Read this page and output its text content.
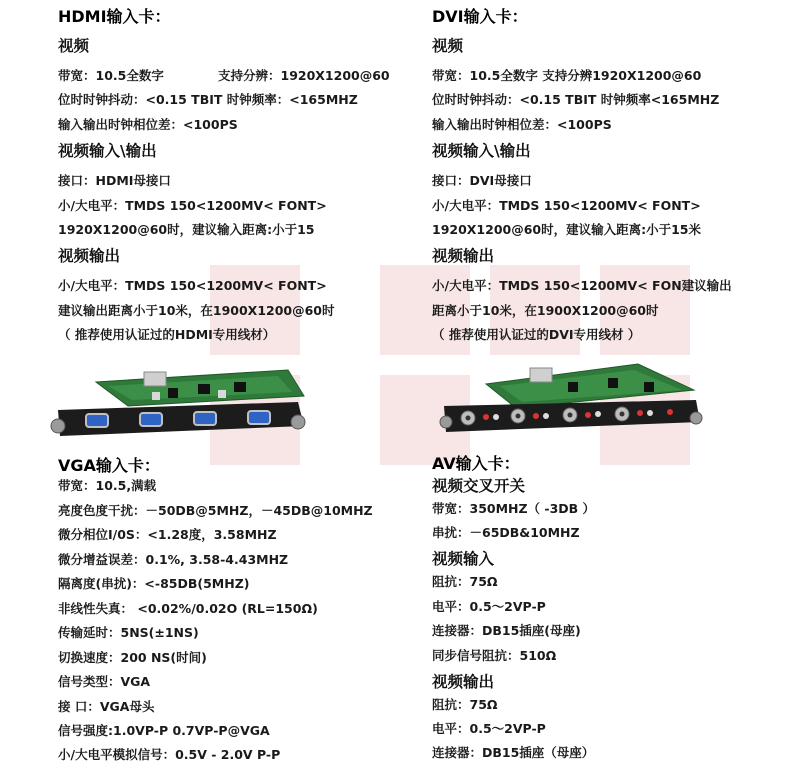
HDMI输入卡：
视频
带宽：10.5全数字	支持分辨：1920X1200@60
位时时钟抖动：<0.15 TBIT 时钟频率：<165MHZ
输入输出时钟相位差：<100PS
视频输入\输出
接口：HDMI母接口
小/大电平：TMDS 150<1200MV< FONT>
1920X1200@60时，建议输入距离:小于15
视频输出
小/大电平：TMDS 150<1200MV< FONT>
建议输出距离小于10米，在1900X1200@60时
（ 推荐使用认证过的HDMI专用线材）
DVI输入卡：
视频
带宽：10.5全数字 支持分辨1920X1200@60
位时时钟抖动：<0.15 TBIT 时钟频率<165MHZ
输入输出时钟相位差：<100PS
视频输入\输出
接口：DVI母接口
小/大电平：TMDS 150<1200MV< FONT>
1920X1200@60时，建议输入距离:小于15米
视频输出
小/大电平：TMDS 150<1200MV< FON建议输出
距离小于10米，在1900X1200@60时
（ 推荐使用认证过的DVI专用线材 ）
VGA输入卡：
带宽：10.5,满载
亮度色度干扰：－50DB@5MHZ，－45DB@10MHZ
微分相位I/0S：<1.28度，3.58MHZ
微分增益误差：0.1%, 3.58-4.43MHZ
隔离度(串扰)：<-85DB(5MHZ)
非线性失真： <0.02%/0.02O (RL=150Ω)
传输延时：5NS(±1NS)
切换速度：200 NS(时间)
信号类型：VGA
接 口：VGA母头
信号强度:1.0VP-P 0.7VP-P@VGA
小/大电平模拟信号：0.5V - 2.0V P-P
AV输入卡：
视频交叉开关
带宽：350MHZ（ -3DB ）
串扰：－65DB&10MHZ
视频输入
阻抗：75Ω
电平：0.5～2VP-P
连接器：DB15插座(母座)
同步信号阻抗：510Ω
视频输出
阻抗：75Ω
电平：0.5～2VP-P
连接器：DB15插座（母座）
